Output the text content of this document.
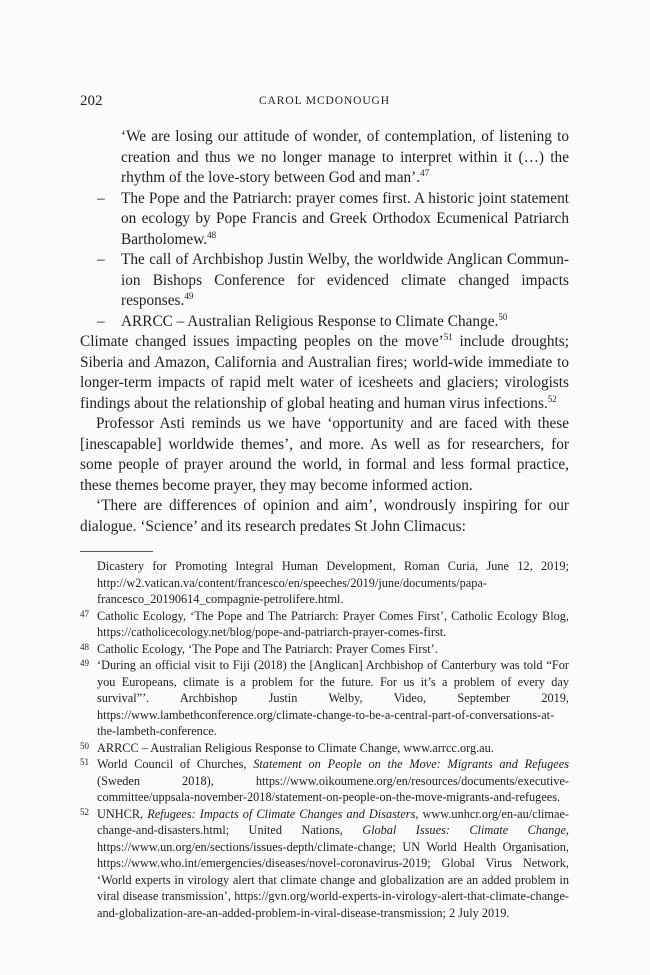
202	CAROL MCDONOUGH

‘We are losing our attitude of wonder, of contemplation, of listening to creation and thus we no longer manage to interpret within it (…) the rhythm of the love-story between God and man’.$^{47}$

– The Pope and the Patriarch: prayer comes first. A historic joint statement on ecology by Pope Francis and Greek Orthodox Ecumenical Patriarch Bartholomew.$^{48}$
– The call of Archbishop Justin Welby, the worldwide Anglican Communion Bishops Conference for evidenced climate changed impacts responses.$^{49}$
– ARRCC – Australian Religious Response to Climate Change.$^{50}$

Climate changed issues impacting peoples on the move’$^{51}$ include droughts; Siberia and Amazon, California and Australian fires; world-wide immediate to longer-term impacts of rapid melt water of icesheets and glaciers; virologists findings about the relationship of global heating and human virus infections.$^{52}$

Professor Asti reminds us we have ‘opportunity and are faced with these [inescapable] worldwide themes’, and more. As well as for researchers, for some people of prayer around the world, in formal and less formal practice, these themes become prayer, they may become informed action.

‘There are differences of opinion and aim’, wondrously inspiring for our dialogue. ‘Science’ and its research predates St John Climacus:

Dicastery for Promoting Integral Human Development, Roman Curia, June 12, 2019; http://w2.vatican.va/content/francesco/en/speeches/2019/june/documents/papa-francesco_20190614_compagnie-petrolifere.html.

47 Catholic Ecology, ‘The Pope and The Patriarch: Prayer Comes First’, Catholic Ecology Blog, https://catholicecology.net/blog/pope-and-patriarch-prayer-comes-first.

48 Catholic Ecology, ‘The Pope and The Patriarch: Prayer Comes First’.

49 ‘During an official visit to Fiji (2018) the [Anglican] Archbishop of Canterbury was told “For you Europeans, climate is a problem for the future. For us it’s a problem of every day survival”’. Archbishop Justin Welby, Video, September 2019, https://www.lambethconference.org/climate-change-to-be-a-central-part-of-conversations-at-the-lambeth-conference.

50 ARRCC – Australian Religious Response to Climate Change, www.arrcc.org.au.

51 World Council of Churches, Statement on People on the Move: Migrants and Refugees (Sweden 2018), https://www.oikoumene.org/en/resources/documents/executive-committee/uppsala-november-2018/statement-on-people-on-the-move-migrants-and-refugees.

52 UNHCR, Refugees: Impacts of Climate Changes and Disasters, www.unhcr.org/en-au/climae-change-and-disasters.html; United Nations, Global Issues: Climate Change, https://www.un.org/en/sections/issues-depth/climate-change; UN World Health Organisation, https://www.who.int/emergencies/diseases/novel-coronavirus-2019; Global Virus Network, ‘World experts in virology alert that climate change and globalization are an added problem in viral disease transmission’, https://gvn.org/world-experts-in-virology-alert-that-climate-change-and-globalization-are-an-added-problem-in-viral-disease-transmission; 2 July 2019.
